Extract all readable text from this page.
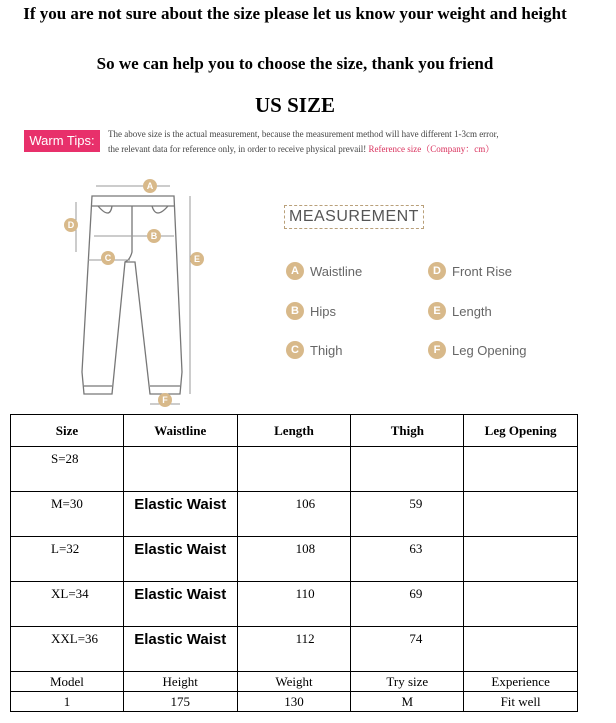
If you are not sure about the size please let us know your weight and height
So we can help you to choose the size, thank you friend
US SIZE
Warm Tips:	The above size is the actual measurement, because the measurement method will have different 1-3cm error,
the relevant data for reference only, in order to receive physical prevail! Reference size（Company：cm）
A
B
C
D
E
F
MEASUREMENT
A Waistline	D Front Rise
B Hips	E Length
C Thigh	F Leg Opening
Size	Waistline	Length	Thigh	Leg Opening
S=28				
M=30	Elastic Waist	106	59	
L=32	Elastic Waist	108	63	
XL=34	Elastic Waist	110	69	
XXL=36	Elastic Waist	112	74	
Model	Height	Weight	Try size	Experience
1	175	130	M	Fit well
